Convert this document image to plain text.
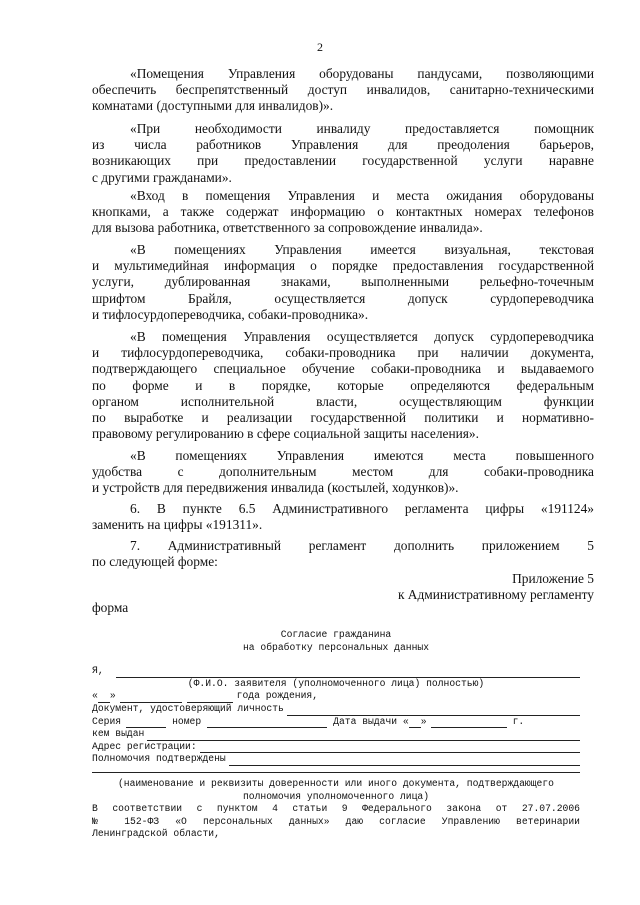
2
«Помещения Управления оборудованы пандусами, позволяющими
обеспечить беспрепятственный доступ инвалидов, санитарно-техническими
комнатами (доступными для инвалидов)».
«При необходимости инвалиду предоставляется помощник
из числа работников Управления для преодоления барьеров,
возникающих при предоставлении государственной услуги наравне
с другими гражданами».
«Вход в помещения Управления и места ожидания оборудованы
кнопками, а также содержат информацию о контактных номерах телефонов
для вызова работника, ответственного за сопровождение инвалида».
«В помещениях Управления имеется визуальная, текстовая
и мультимедийная информация о порядке предоставления государственной
услуги, дублированная знаками, выполненными рельефно-точечным
шрифтом Брайля, осуществляется допуск сурдопереводчика
и тифлосурдопереводчика, собаки-проводника».
«В помещения Управления осуществляется допуск сурдопереводчика
и тифлосурдопереводчика, собаки-проводника при наличии документа,
подтверждающего специальное обучение собаки-проводника и выдаваемого
по форме и в порядке, которые определяются федеральным
органом исполнительной власти, осуществляющим функции
по выработке и реализации государственной политики и нормативно-
правовому регулированию в сфере социальной защиты населения».
«В помещениях Управления имеются места повышенного
удобства с дополнительным местом для собаки-проводника
и устройств для передвижения инвалида (костылей, ходунков)».
6. В пункте 6.5 Административного регламента цифры «191124»
заменить на цифры «191311».
7. Административный регламент дополнить приложением 5
по следующей форме:
Приложение 5
к Административному регламенту
форма
Согласие гражданина
на обработку персональных данных
Я,
(Ф.И.О. заявителя (уполномоченного лица) полностью)
« »	года рождения,
Документ, удостоверяющий личность
Серия	номер	Дата выдачи « »	г.
кем выдан
Адрес регистрации:
Полномочия подтверждены
(наименование и реквизиты доверенности или иного документа, подтверждающего
полномочия уполномоченного лица)
В соответствии с пунктом 4 статьи 9 Федерального закона от 27.07.2006
№ 152-ФЗ «О персональных данных» даю согласие Управлению ветеринарии
Ленинградской области,
